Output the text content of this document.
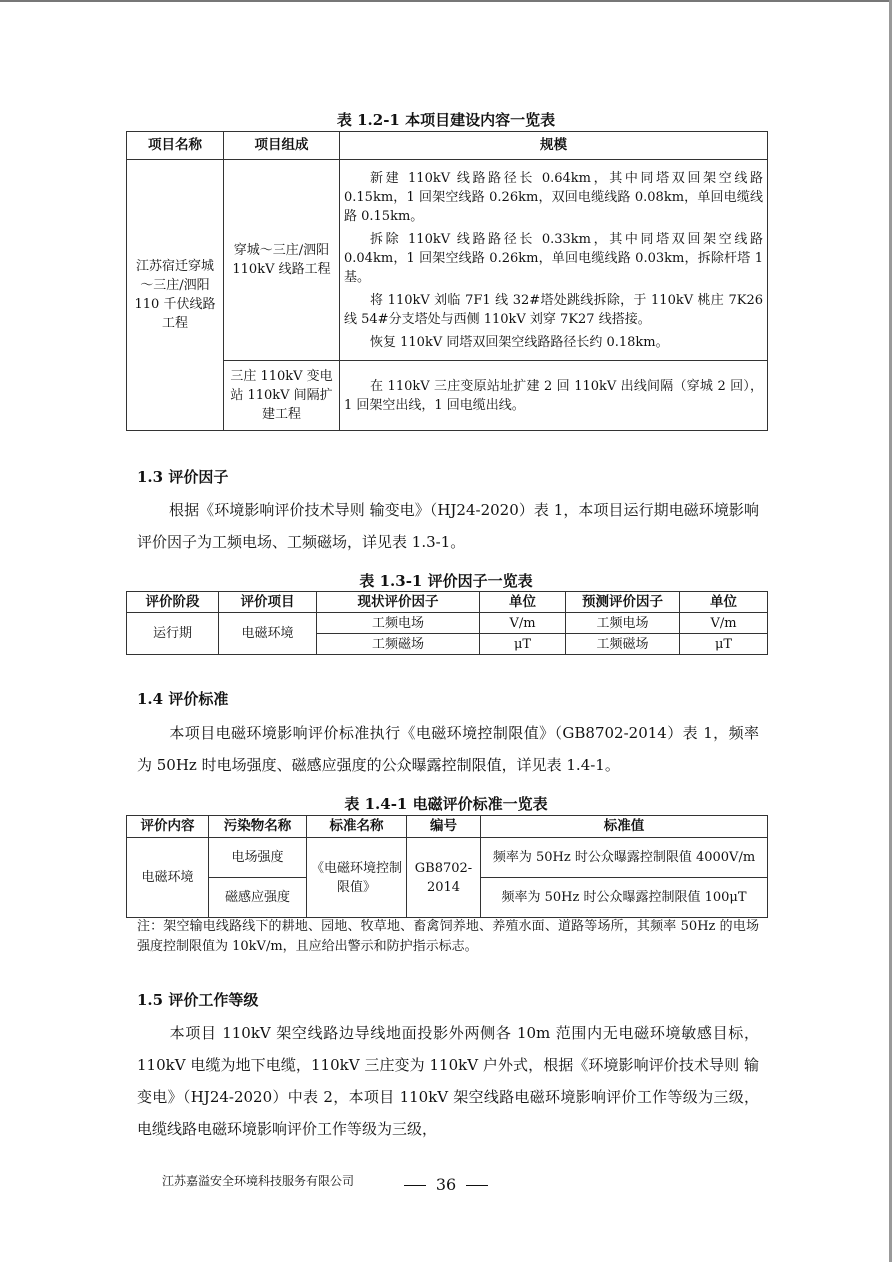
表 1.2-1 本项目建设内容一览表
项目名称	项目组成	规模
江苏宿迁穿城～三庄/泗阳 110 千伏线路工程	穿城～三庄/泗阳 110kV 线路工程	新建 110kV 线路路径长 0.64km，其中同塔双回架空线路 0.15km，1 回架空线路 0.26km，双回电缆线路 0.08km，单回电缆线路 0.15km。

拆除 110kV 线路路径长 0.33km，其中同塔双回架空线路 0.04km，1 回架空线路 0.26km，单回电缆线路 0.03km，拆除杆塔 1 基。

将 110kV 刘临 7F1 线 32#塔处跳线拆除，于 110kV 桃庄 7K26 线 54#分支塔处与西侧 110kV 刘穿 7K27 线搭接。

恢复 110kV 同塔双回架空线路路径长约 0.18km。

	三庄 110kV 变电站 110kV 间隔扩建工程	在 110kV 三庄变原站址扩建 2 回 110kV 出线间隔（穿城 2 回），1 回架空出线，1 回电缆出线。

1.3 评价因子
根据《环境影响评价技术导则 输变电》（HJ24-2020）表 1，本项目运行期电磁环境影响评价因子为工频电场、工频磁场，详见表 1.3-1。
表 1.3-1 评价因子一览表
评价阶段	评价项目	现状评价因子	单位	预测评价因子	单位
运行期	电磁环境	工频电场	V/m	工频电场	V/m
		工频磁场	μT	工频磁场	μT
1.4 评价标准
本项目电磁环境影响评价标准执行《电磁环境控制限值》（GB8702-2014）表 1，频率为 50Hz 时电场强度、磁感应强度的公众曝露控制限值，详见表 1.4-1。
表 1.4-1 电磁评价标准一览表
评价内容	污染物名称	标准名称	编号	标准值
电磁环境	电场强度	《电磁环境控制限值》	GB8702-2014	频率为 50Hz 时公众曝露控制限值 4000V/m
	磁感应强度			频率为 50Hz 时公众曝露控制限值 100μT
注：架空输电线路线下的耕地、园地、牧草地、畜禽饲养地、养殖水面、道路等场所，其频率 50Hz 的电场强度控制限值为 10kV/m，且应给出警示和防护指示标志。
1.5 评价工作等级
本项目 110kV 架空线路边导线地面投影外两侧各 10m 范围内无电磁环境敏感目标，110kV 电缆为地下电缆，110kV 三庄变为 110kV 户外式，根据《环境影响评价技术导则 输变电》（HJ24-2020）中表 2，本项目 110kV 架空线路电磁环境影响评价工作等级为三级，电缆线路电磁环境影响评价工作等级为三级，
江苏嘉溢安全环境科技服务有限公司	36
